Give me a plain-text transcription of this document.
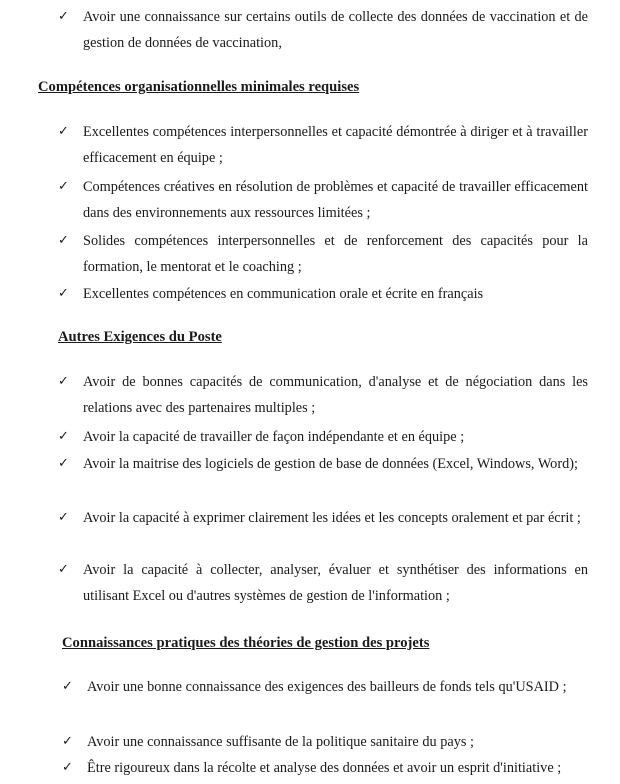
✓ Avoir une connaissance sur certains outils de collecte des données de vaccination et de gestion de données de vaccination,
Compétences organisationnelles minimales requises
✓ Excellentes compétences interpersonnelles et capacité démontrée à diriger et à travailler efficacement en équipe ;
✓ Compétences créatives en résolution de problèmes et capacité de travailler efficacement dans des environnements aux ressources limitées ;
✓ Solides compétences interpersonnelles et de renforcement des capacités pour la formation, le mentorat et le coaching ;
✓ Excellentes compétences en communication orale et écrite en français
Autres Exigences du Poste
✓ Avoir de bonnes capacités de communication, d'analyse et de négociation dans les relations avec des partenaires multiples ;
✓ Avoir la capacité de travailler de façon indépendante et en équipe ;
✓ Avoir la maitrise des logiciels de gestion de base de données (Excel, Windows, Word);
✓ Avoir la capacité à exprimer clairement les idées et les concepts oralement et par écrit ;
✓ Avoir la capacité à collecter, analyser, évaluer et synthétiser des informations en utilisant Excel ou d'autres systèmes de gestion de l'information ;
Connaissances pratiques des théories de gestion des projets
✓ Avoir une bonne connaissance des exigences des bailleurs de fonds tels qu'USAID ;
✓ Avoir une connaissance suffisante de la politique sanitaire du pays ;
✓ Être rigoureux dans la récolte et analyse des données et avoir un esprit d'initiative ;
